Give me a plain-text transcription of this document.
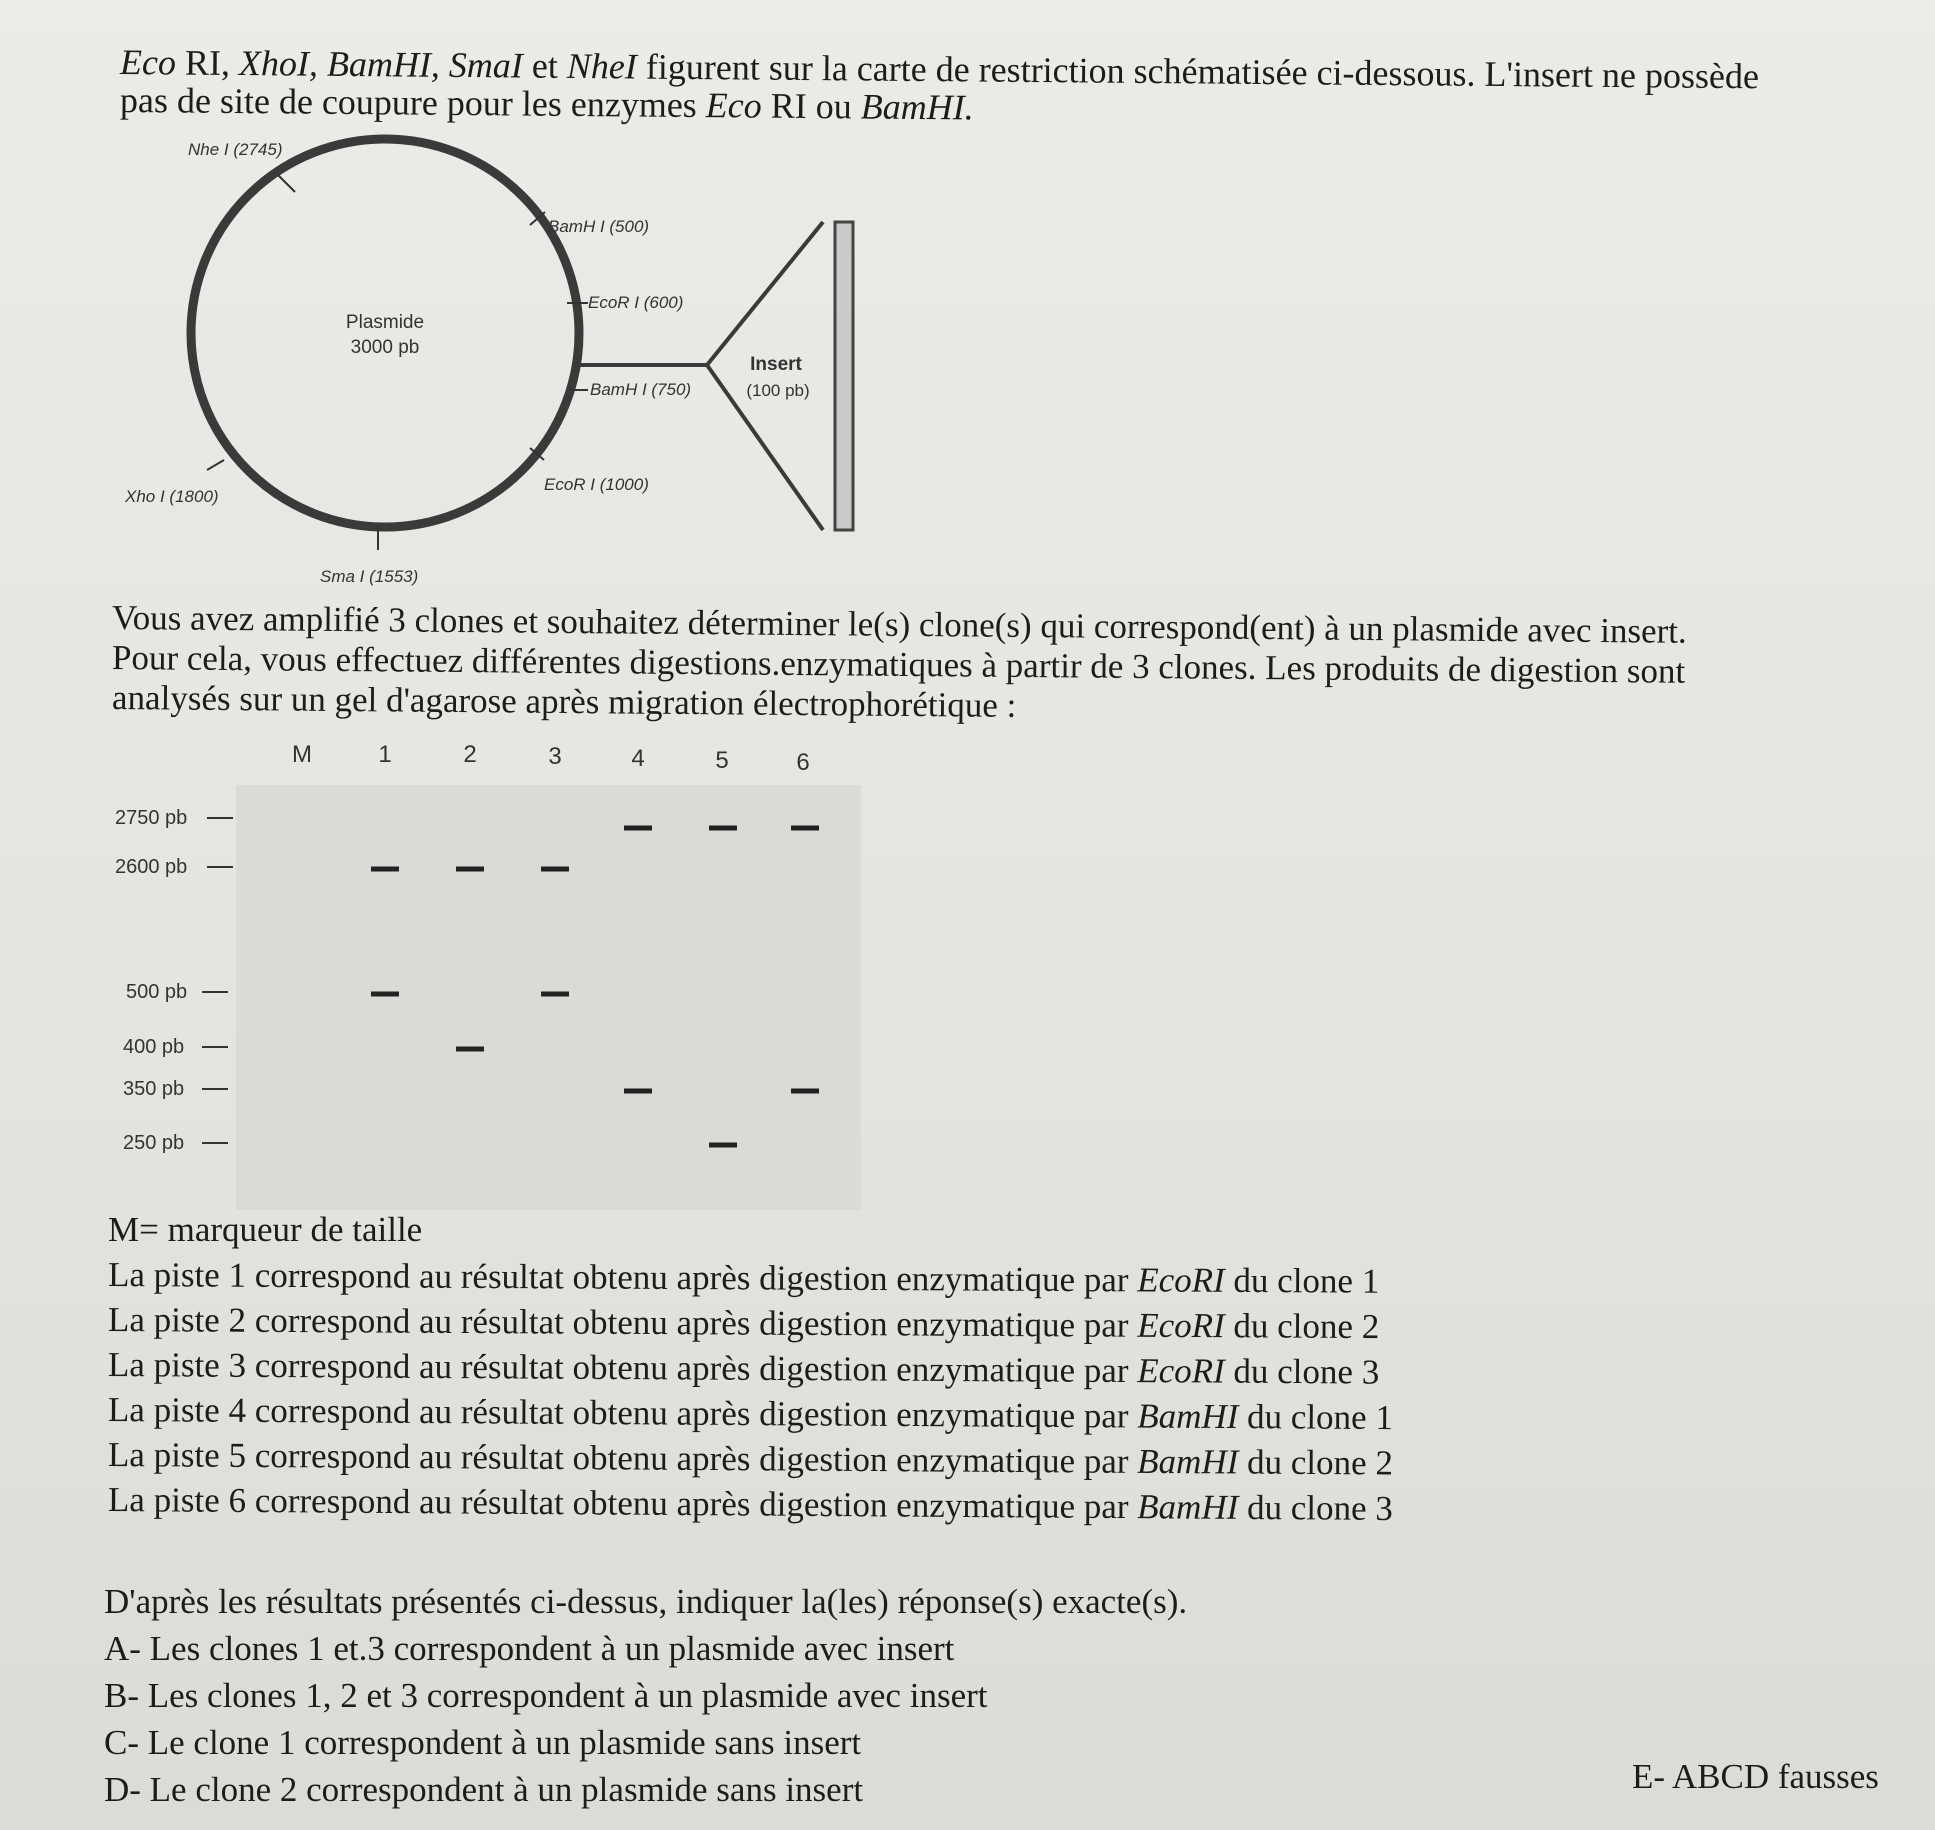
Eco RI, XhoI, BamHI, SmaI et NheI figurent sur la carte de restriction schématisée ci-dessous. L'insert ne possède
pas de site de coupure pour les enzymes Eco RI ou BamHI.
Plasmide
3000 pb
Nhe I (2745)
BamH I (500)
EcoR I (600)
BamH I (750)
EcoR I (1000)
Xho I (1800)
Sma I (1553)
Insert
(100 pb)
Vous avez amplifié 3 clones et souhaitez déterminer le(s) clone(s) qui correspond(ent) à un plasmide avec insert.
Pour cela, vous effectuez différentes digestions.enzymatiques à partir de 3 clones. Les produits de digestion sont
analysés sur un gel d'agarose après migration électrophorétique :
M	1	2	3	4	5	6
2750 pb
2600 pb
500 pb
400 pb
350 pb
250 pb
M= marqueur de taille
La piste 1 correspond au résultat obtenu après digestion enzymatique par EcoRI du clone 1
La piste 2 correspond au résultat obtenu après digestion enzymatique par EcoRI du clone 2
La piste 3 correspond au résultat obtenu après digestion enzymatique par EcoRI du clone 3
La piste 4 correspond au résultat obtenu après digestion enzymatique par BamHI du clone 1
La piste 5 correspond au résultat obtenu après digestion enzymatique par BamHI du clone 2
La piste 6 correspond au résultat obtenu après digestion enzymatique par BamHI du clone 3
D'après les résultats présentés ci-dessus, indiquer la(les) réponse(s) exacte(s).
A- Les clones 1 et.3 correspondent à un plasmide avec insert
B- Les clones 1, 2 et 3 correspondent à un plasmide avec insert
C- Le clone 1 correspondent à un plasmide sans insert
D- Le clone 2 correspondent à un plasmide sans insert	E- ABCD fausses
